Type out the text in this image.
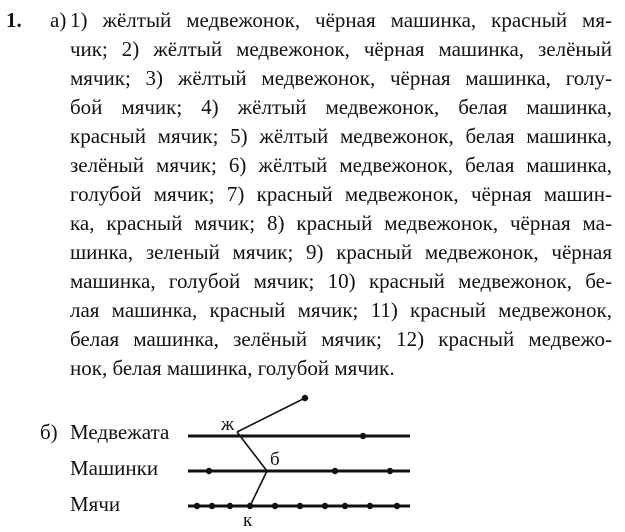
1. а) 1) жёлтый медвежонок, чёрная машинка, красный мя-
чик; 2) жёлтый медвежонок, чёрная машинка, зелёный
мячик; 3) жёлтый медвежонок, чёрная машинка, голу-
бой мячик; 4) жёлтый медвежонок, белая машинка,
красный мячик; 5) жёлтый медвежонок, белая машинка,
зелёный мячик; 6) жёлтый медвежонок, белая машинка,
голубой мячик; 7) красный медвежонок, чёрная машин-
ка, красный мячик; 8) красный медвежонок, чёрная ма-
шинка, зеленый мячик; 9) красный медвежонок, чёрная
машинка, голубой мячик; 10) красный медвежонок, бе-
лая машинка, красный мячик; 11) красный медвежонок,
белая машинка, зелёный мячик; 12) красный медвежо-
нок, белая машинка, голубой мячик.
б) Медвежата
Машинки
Мячи
ж
б
к
